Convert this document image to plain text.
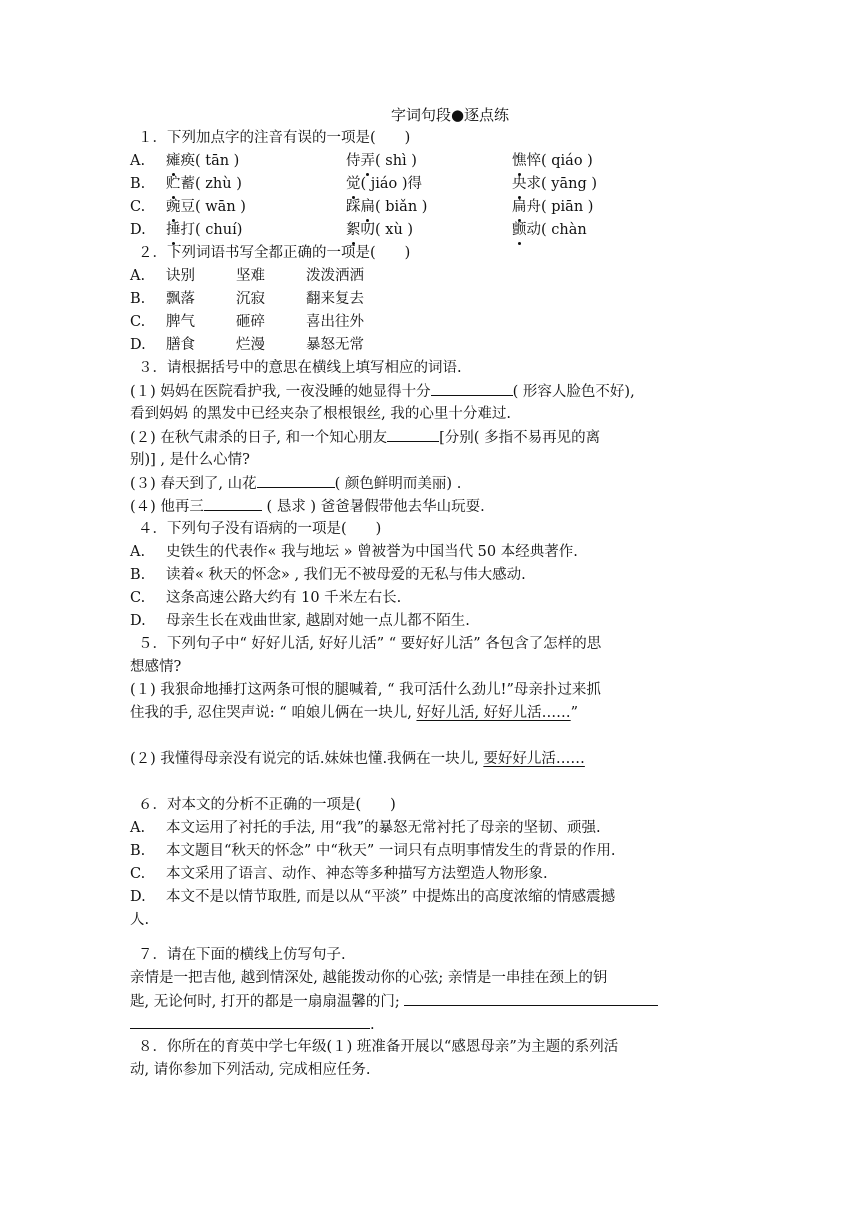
字词句段●逐点练
１．下列加点字的注音有误的一项是(　　)
A. 瘫痪( tān )	侍弄( shì )	憔悴( qiáo )
B. 贮蓄( zhù )	觉( jiáo )得	央求( yāng )
C. 豌豆( wān )	踩扁( biǎn )	扁舟( piān )
D. 捶打( chuí)	絮叨( xù )	颤动( chàn
２．下列词语书写全都正确的一项是(　　)
A. 诀别	坚难	泼泼洒洒
B. 飘落	沉寂	翻来复去
C. 脾气	砸碎	喜出往外
D. 膳食	烂漫	暴怒无常
３．请根据括号中的意思在横线上填写相应的词语.
(１) 妈妈在医院看护我, 一夜没睡的她显得十分	( 形容人脸色不好),
看到妈妈 的黑发中已经夹杂了根根银丝, 我的心里十分难过.
(２) 在秋气肃杀的日子, 和一个知心朋友	[分别( 多指不易再见的离
别)] , 是什么心情?
(３) 春天到了, 山花	( 颜色鲜明而美丽) .
(４) 他再三	( 恳求 ) 爸爸暑假带他去华山玩耍.
４．下列句子没有语病的一项是(　　)
A. 史铁生的代表作« 我与地坛 » 曾被誉为中国当代 50 本经典著作.
B. 读着« 秋天的怀念» , 我们无不被母爱的无私与伟大感动.
C. 这条高速公路大约有 10 千米左右长.
D. 母亲生长在戏曲世家, 越剧对她一点儿都不陌生.
５．下列句子中“ 好好儿活, 好好儿活” “ 要好好儿活” 各包含了怎样的思
想感情?
(１) 我狠命地捶打这两条可恨的腿喊着, “ 我可活什么劲儿!”母亲扑过来抓
住我的手, 忍住哭声说: “ 咱娘儿俩在一块儿, 好好儿活, 好好儿活……”
(２) 我懂得母亲没有说完的话.妹妹也懂.我俩在一块儿, 要好好儿活……
６．对本文的分析不正确的一项是(　　)
A. 本文运用了衬托的手法, 用“我”的暴怒无常衬托了母亲的坚韧、顽强.
B. 本文题目“秋天的怀念” 中“秋天” 一词只有点明事情发生的背景的作用.
C. 本文采用了语言、动作、神态等多种描写方法塑造人物形象.
D. 本文不是以情节取胜, 而是以从“平淡” 中提炼出的高度浓缩的情感震撼
人.
７．请在下面的横线上仿写句子.
亲情是一把吉他, 越到情深处, 越能拨动你的心弦; 亲情是一串挂在颈上的钥
匙, 无论何时, 打开的都是一扇扇温馨的门;
.
８．你所在的育英中学七年级(１) 班准备开展以“感恩母亲”为主题的系列活
动, 请你参加下列活动, 完成相应任务.
